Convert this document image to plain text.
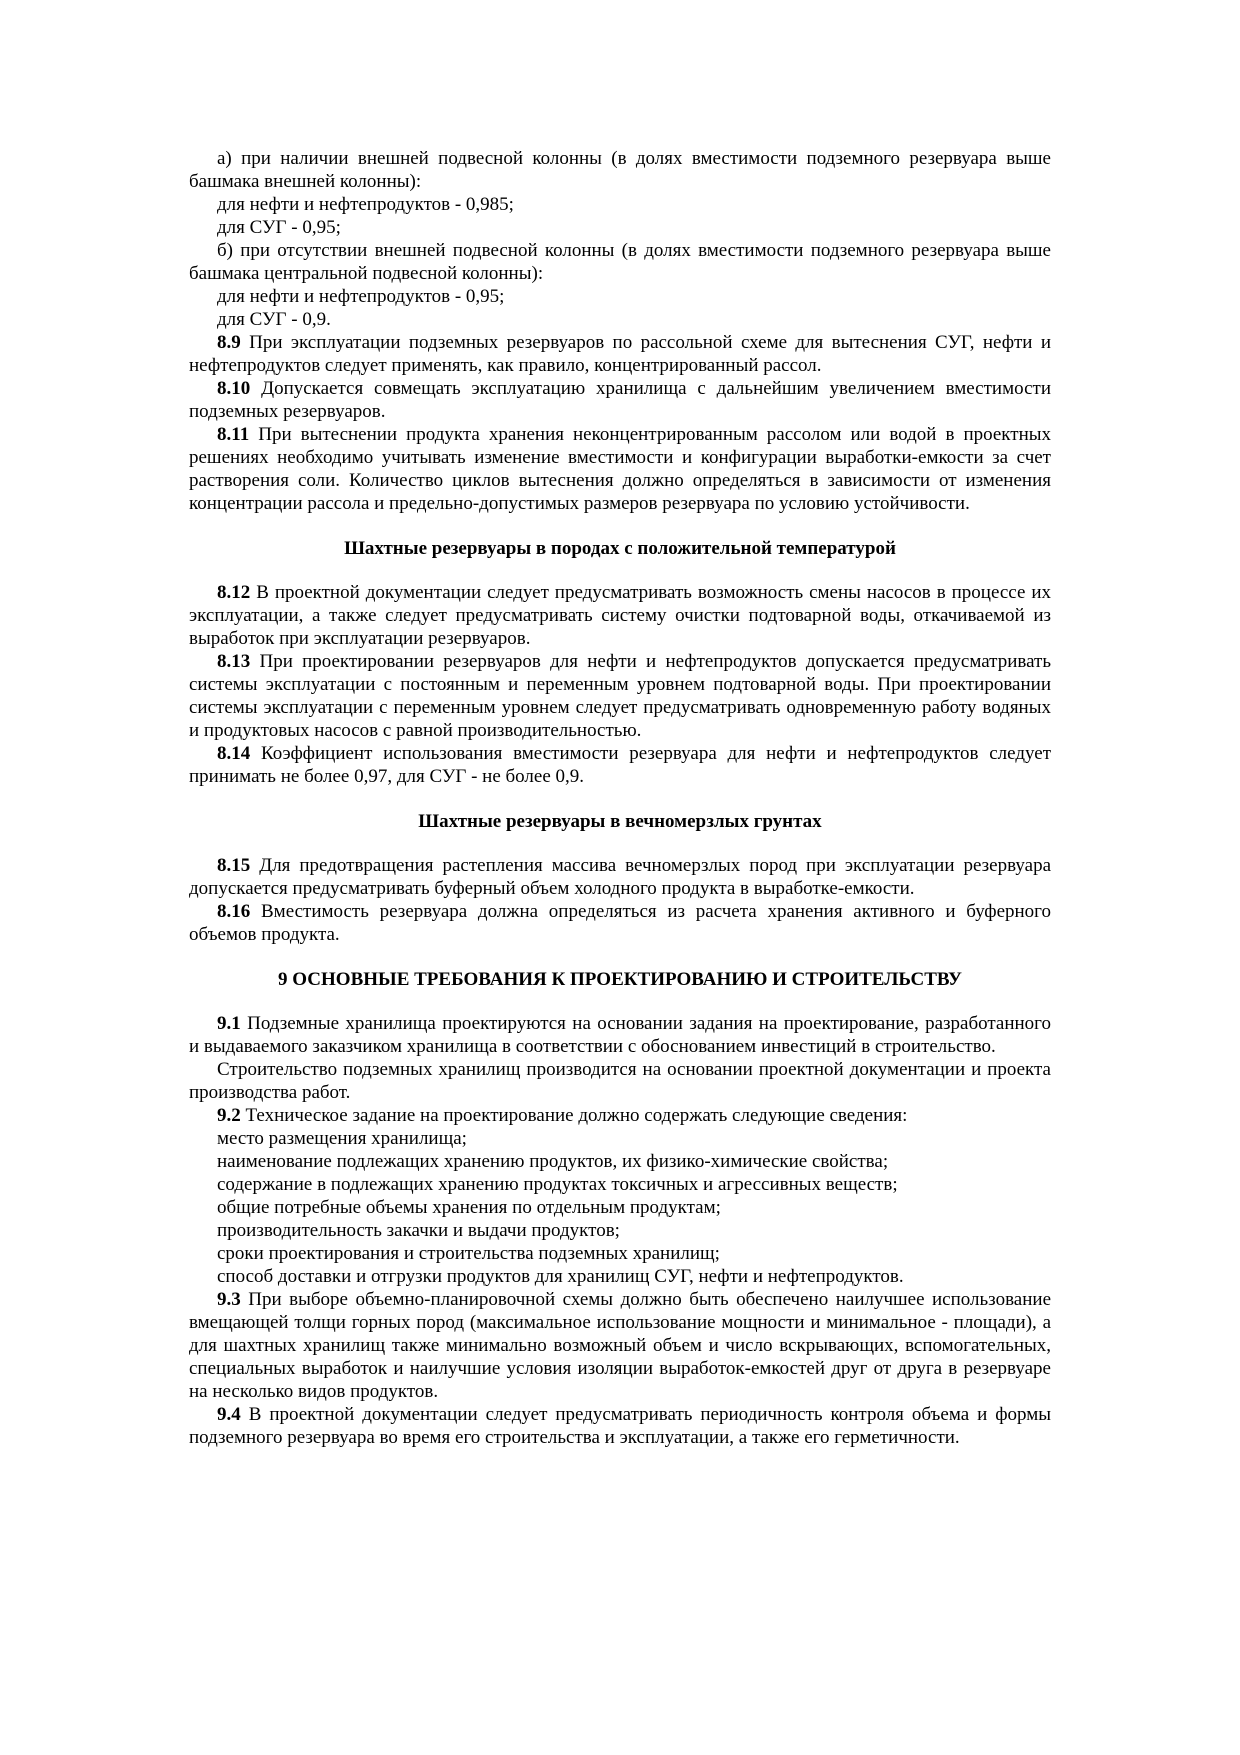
а) при наличии внешней подвесной колонны (в долях вместимости подземного резервуара выше башмака внешней колонны):

для нефти и нефтепродуктов - 0,985;

для СУГ - 0,95;

б) при отсутствии внешней подвесной колонны (в долях вместимости подземного резервуара выше башмака центральной подвесной колонны):

для нефти и нефтепродуктов - 0,95;

для СУГ - 0,9.

8.9 При эксплуатации подземных резервуаров по рассольной схеме для вытеснения СУГ, нефти и нефтепродуктов следует применять, как правило, концентрированный рассол.

8.10 Допускается совмещать эксплуатацию хранилища с дальнейшим увеличением вместимости подземных резервуаров.

8.11 При вытеснении продукта хранения неконцентрированным рассолом или водой в проектных решениях необходимо учитывать изменение вместимости и конфигурации выработки-емкости за счет растворения соли. Количество циклов вытеснения должно определяться в зависимости от изменения концентрации рассола и предельно-допустимых размеров резервуара по условию устойчивости.

Шахтные резервуары в породах с положительной температурой

8.12 В проектной документации следует предусматривать возможность смены насосов в процессе их эксплуатации, а также следует предусматривать систему очистки подтоварной воды, откачиваемой из выработок при эксплуатации резервуаров.

8.13 При проектировании резервуаров для нефти и нефтепродуктов допускается предусматривать системы эксплуатации с постоянным и переменным уровнем подтоварной воды. При проектировании системы эксплуатации с переменным уровнем следует предусматривать одновременную работу водяных и продуктовых насосов с равной производительностью.

8.14 Коэффициент использования вместимости резервуара для нефти и нефтепродуктов следует принимать не более 0,97, для СУГ - не более 0,9.

Шахтные резервуары в вечномерзлых грунтах

8.15 Для предотвращения растепления массива вечномерзлых пород при эксплуатации резервуара допускается предусматривать буферный объем холодного продукта в выработке-емкости.

8.16 Вместимость резервуара должна определяться из расчета хранения активного и буферного объемов продукта.

9 ОСНОВНЫЕ ТРЕБОВАНИЯ К ПРОЕКТИРОВАНИЮ И СТРОИТЕЛЬСТВУ

9.1 Подземные хранилища проектируются на основании задания на проектирование, разработанного и выдаваемого заказчиком хранилища в соответствии с обоснованием инвестиций в строительство.

Строительство подземных хранилищ производится на основании проектной документации и проекта производства работ.

9.2 Техническое задание на проектирование должно содержать следующие сведения:

место размещения хранилища;

наименование подлежащих хранению продуктов, их физико-химические свойства;

содержание в подлежащих хранению продуктах токсичных и агрессивных веществ;

общие потребные объемы хранения по отдельным продуктам;

производительность закачки и выдачи продуктов;

сроки проектирования и строительства подземных хранилищ;

способ доставки и отгрузки продуктов для хранилищ СУГ, нефти и нефтепродуктов.

9.3 При выборе объемно-планировочной схемы должно быть обеспечено наилучшее использование вмещающей толщи горных пород (максимальное использование мощности и минимальное - площади), а для шахтных хранилищ также минимально возможный объем и число вскрывающих, вспомогательных, специальных выработок и наилучшие условия изоляции выработок-емкостей друг от друга в резервуаре на несколько видов продуктов.

9.4 В проектной документации следует предусматривать периодичность контроля объема и формы подземного резервуара во время его строительства и эксплуатации, а также его герметичности.
